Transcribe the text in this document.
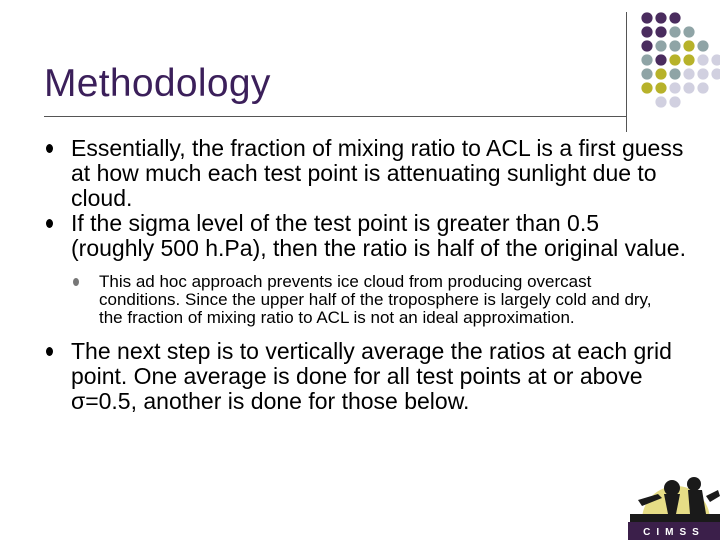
Methodology
Essentially, the fraction of mixing ratio to ACL is a first guess at how much each test point is attenuating sunlight due to cloud.
If the sigma level of the test point is greater than 0.5 (roughly 500 h.Pa), then the ratio is half of the original value.
This ad hoc approach prevents ice cloud from producing overcast conditions. Since the upper half of the troposphere is largely cold and dry, the fraction of mixing ratio to ACL is not an ideal approximation.
The next step is to vertically average the ratios at each grid point. One average is done for all test points at or above σ=0.5, another is done for those below.
CIMSS
